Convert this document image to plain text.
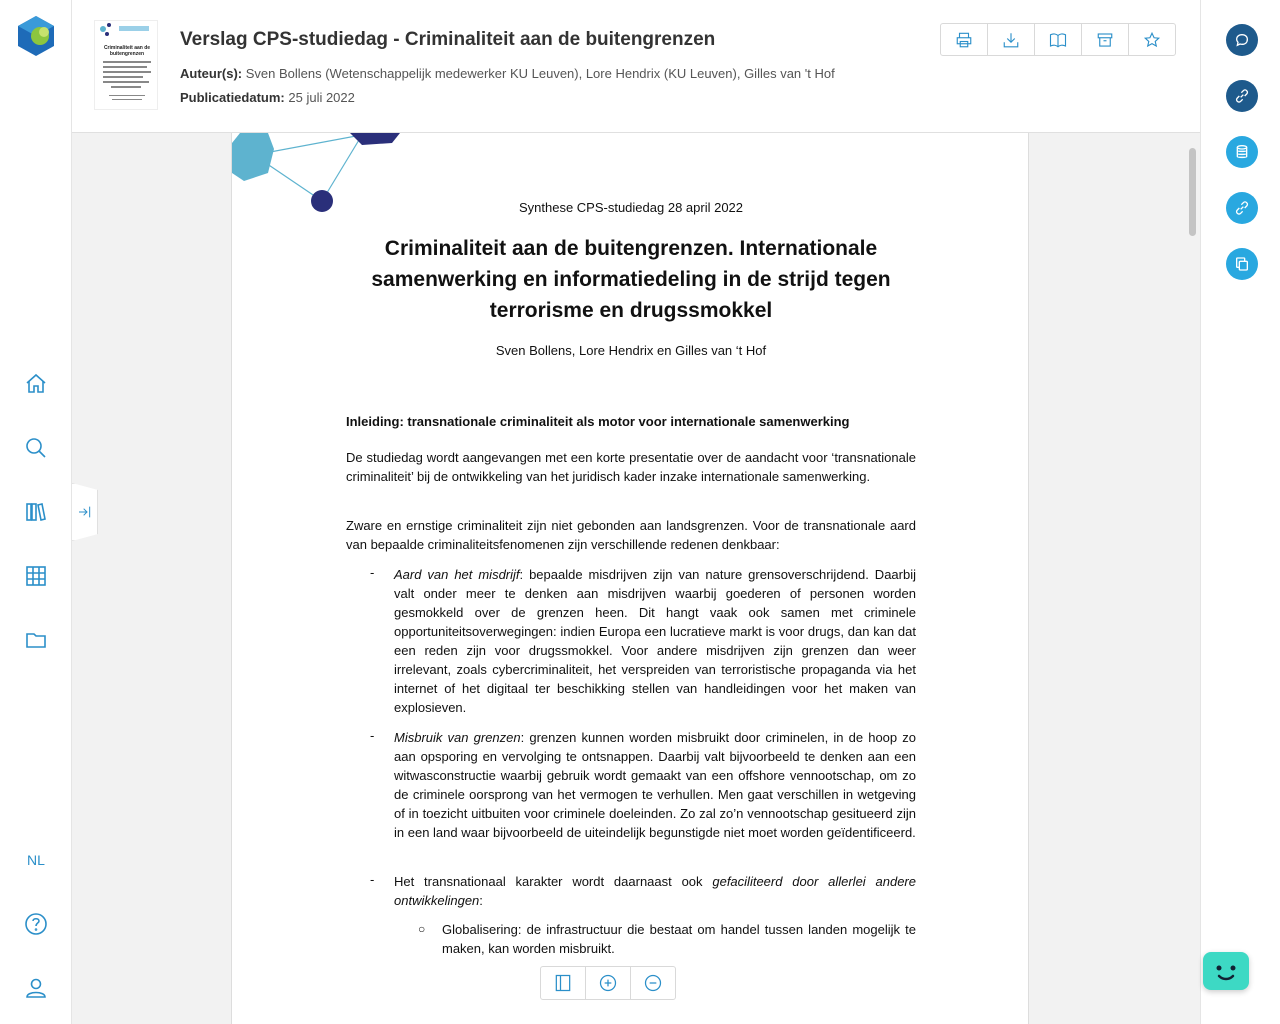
NL
Criminaliteit aan de
buitengrenzen
Verslag CPS-studiedag - Criminaliteit aan de buitengrenzen
Auteur(s): Sven Bollens (Wetenschappelijk medewerker KU Leuven), Lore Hendrix (KU Leuven), Gilles van 't Hof
Publicatiedatum: 25 juli 2022
Synthese CPS-studiedag 28 april 2022
Criminaliteit aan de buitengrenzen. Internationale samenwerking en informatiedeling in de strijd tegen terrorisme en drugssmokkel
Sven Bollens, Lore Hendrix en Gilles van ‘t Hof
Inleiding: transnationale criminaliteit als motor voor internationale samenwerking
De studiedag wordt aangevangen met een korte presentatie over de aandacht voor ‘transnationale criminaliteit’ bij de ontwikkeling van het juridisch kader inzake internationale samenwerking.
Zware en ernstige criminaliteit zijn niet gebonden aan landsgrenzen. Voor de transnationale aard van bepaalde criminaliteitsfenomenen zijn verschillende redenen denkbaar:
- Aard van het misdrijf: bepaalde misdrijven zijn van nature grensoverschrijdend. Daarbij valt onder meer te denken aan misdrijven waarbij goederen of personen worden gesmokkeld over de grenzen heen. Dit hangt vaak ook samen met criminele opportuniteitsoverwegingen: indien Europa een lucratieve markt is voor drugs, dan kan dat een reden zijn voor drugssmokkel. Voor andere misdrijven zijn grenzen dan weer irrelevant, zoals cybercriminaliteit, het verspreiden van terroristische propaganda via het internet of het digitaal ter beschikking stellen van handleidingen voor het maken van explosieven.
- Misbruik van grenzen: grenzen kunnen worden misbruikt door criminelen, in de hoop zo aan opsporing en vervolging te ontsnappen. Daarbij valt bijvoorbeeld te denken aan een witwasconstructie waarbij gebruik wordt gemaakt van een offshore vennootschap, om zo de criminele oorsprong van het vermogen te verhullen. Men gaat verschillen in wetgeving of in toezicht uitbuiten voor criminele doeleinden. Zo zal zo’n vennootschap gesitueerd zijn in een land waar bijvoorbeeld de uiteindelijk begunstigde niet moet worden geïdentificeerd.
- Het transnationaal karakter wordt daarnaast ook gefaciliteerd door allerlei andere ontwikkelingen:
○ Globalisering: de infrastructuur die bestaat om handel tussen landen mogelijk te maken, kan worden misbruikt.
